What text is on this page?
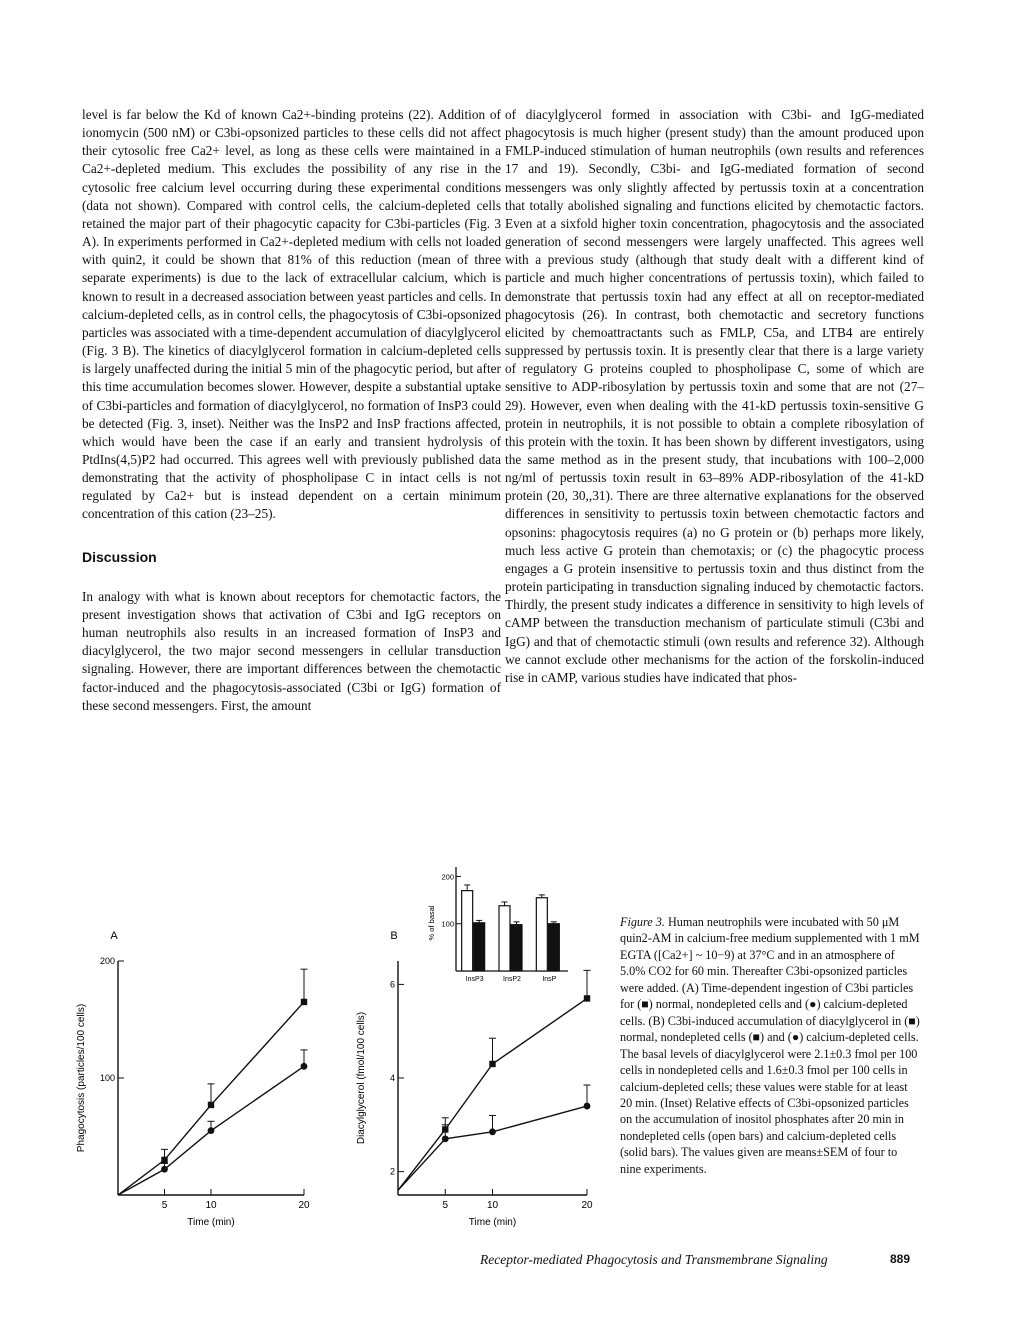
level is far below the Kd of known Ca2+-binding proteins (22). Addition of ionomycin (500 nM) or C3bi-opsonized particles to these cells did not affect their cytosolic free Ca2+ level, as long as these cells were maintained in a Ca2+-depleted medium. This excludes the possibility of any rise in the cytosolic free calcium level occurring during these experimental conditions (data not shown). Compared with control cells, the calcium-depleted cells retained the major part of their phagocytic capacity for C3bi-particles (Fig. 3 A). In experiments performed in Ca2+-depleted medium with cells not loaded with quin2, it could be shown that 81% of this reduction (mean of three separate experiments) is due to the lack of extracellular calcium, which is known to result in a decreased association between yeast particles and cells. In calcium-depleted cells, as in control cells, the phagocytosis of C3bi-opsonized particles was associated with a time-dependent accumulation of diacylglycerol (Fig. 3 B). The kinetics of diacylglycerol formation in calcium-depleted cells is largely unaffected during the initial 5 min of the phagocytic period, but after this time accumulation becomes slower. However, despite a substantial uptake of C3bi-particles and formation of diacylglycerol, no formation of InsP3 could be detected (Fig. 3, inset). Neither was the InsP2 and InsP fractions affected, which would have been the case if an early and transient hydrolysis of PtdIns(4,5)P2 had occurred. This agrees well with previously published data demonstrating that the activity of phospholipase C in intact cells is not regulated by Ca2+ but is instead dependent on a certain minimum concentration of this cation (23–25).

Discussion

In analogy with what is known about receptors for chemotactic factors, the present investigation shows that activation of C3bi and IgG receptors on human neutrophils also results in an increased formation of InsP3 and diacylglycerol, the two major second messengers in cellular transduction signaling. However, there are important differences between the chemotactic factor-induced and the phagocytosis-associated (C3bi or IgG) formation of these second messengers. First, the amount

of diacylglycerol formed in association with C3bi- and IgG-mediated phagocytosis is much higher (present study) than the amount produced upon FMLP-induced stimulation of human neutrophils (own results and references 17 and 19). Secondly, C3bi- and IgG-mediated formation of second messengers was only slightly affected by pertussis toxin at a concentration that totally abolished signaling and functions elicited by chemotactic factors. Even at a sixfold higher toxin concentration, phagocytosis and the associated generation of second messengers were largely unaffected. This agrees well with a previous study (although that study dealt with a different kind of particle and much higher concentrations of pertussis toxin), which failed to demonstrate that pertussis toxin had any effect at all on receptor-mediated phagocytosis (26). In contrast, both chemotactic and secretory functions elicited by chemoattractants such as FMLP, C5a, and LTB4 are entirely suppressed by pertussis toxin. It is presently clear that there is a large variety of regulatory G proteins coupled to phospholipase C, some of which are sensitive to ADP-ribosylation by pertussis toxin and some that are not (27–29). However, even when dealing with the 41-kD pertussis toxin-sensitive G protein in neutrophils, it is not possible to obtain a complete ribosylation of this protein with the toxin. It has been shown by different investigators, using the same method as in the present study, that incubations with 100–2,000 ng/ml of pertussis toxin result in 63–89% ADP-ribosylation of the 41-kD protein (20, 30,,31). There are three alternative explanations for the observed differences in sensitivity to pertussis toxin between chemotactic factors and opsonins: phagocytosis requires (a) no G protein or (b) perhaps more likely, much less active G protein than chemotaxis; or (c) the phagocytic process engages a G protein insensitive to pertussis toxin and thus distinct from the protein participating in transduction signaling induced by chemotactic factors. Thirdly, the present study indicates a difference in sensitivity to high levels of cAMP between the transduction mechanism of particulate stimuli (C3bi and IgG) and that of chemotactic stimuli (own results and reference 32). Although we cannot exclude other mechanisms for the action of the forskolin-induced rise in cAMP, various studies have indicated that phos-

5	10	20
100
200
Time (min)
Phagocytosis (particles/100 cells)
A
5	10	20
2
4
6
Time (min)
Diacylglycerol (fmol/100 cells)
B
100
200
% of basal
InsP3	InsP2	InsP
Figure 3. Human neutrophils were incubated with 50 μM quin2-AM in calcium-free medium supplemented with 1 mM EGTA ([Ca2+] ~ 10−9) at 37°C and in an atmosphere of 5.0% CO2 for 60 min. Thereafter C3bi-opsonized particles were added. (A) Time-dependent ingestion of C3bi particles for (■) normal, nondepleted cells and (●) calcium-depleted cells. (B) C3bi-induced accumulation of diacylglycerol in (■) normal, nondepleted cells (■) and (●) calcium-depleted cells. The basal levels of diacylglycerol were 2.1±0.3 fmol per 100 cells in nondepleted cells and 1.6±0.3 fmol per 100 cells in calcium-depleted cells; these values were stable for at least 20 min. (Inset) Relative effects of C3bi-opsonized particles on the accumulation of inositol phosphates after 20 min in nondepleted cells (open bars) and calcium-depleted cells (solid bars). The values given are means±SEM of four to nine experiments.
Receptor-mediated Phagocytosis and Transmembrane Signaling	889
